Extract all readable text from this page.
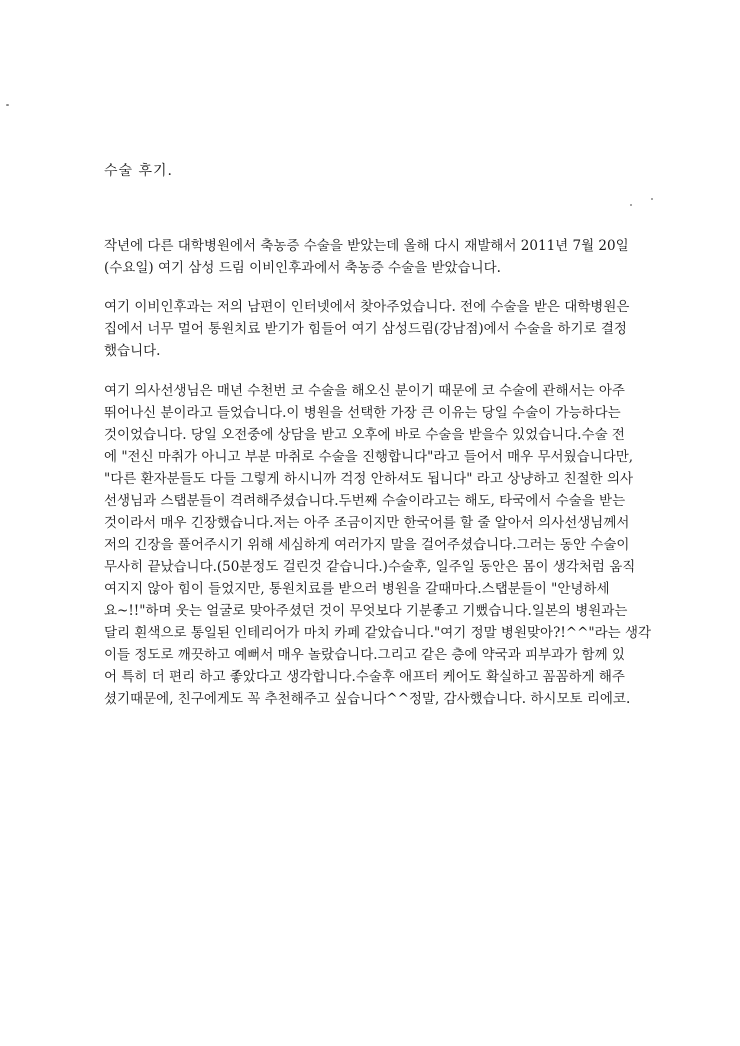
수술 후기.
작년에 다른 대학병원에서 축농증 수술을 받았는데 올해 다시 재발해서 2011년 7월 20일
(수요일) 여기 삼성 드림 이비인후과에서 축농증 수술을 받았습니다.
여기 이비인후과는 저의 남편이 인터넷에서 찾아주었습니다. 전에 수술을 받은 대학병원은
집에서 너무 멀어 통원치료 받기가 힘들어 여기 삼성드림(강남점)에서 수술을 하기로 결정
했습니다.
여기 의사선생님은 매년 수천번 코 수술을 해오신 분이기 때문에 코 수술에 관해서는 아주
뛰어나신 분이라고 들었습니다.이 병원을 선택한 가장 큰 이유는 당일 수술이 가능하다는
것이었습니다. 당일 오전중에 상담을 받고 오후에 바로 수술을 받을수 있었습니다.수술 전
에 "전신 마취가 아니고 부분 마취로 수술을 진행합니다"라고 들어서 매우 무서웠습니다만,
"다른 환자분들도 다들 그렇게 하시니까 걱정 안하셔도 됩니다" 라고 상냥하고 친절한 의사
선생님과 스탭분들이 격려해주셨습니다.두번째 수술이라고는 해도, 타국에서 수술을 받는
것이라서 매우 긴장했습니다.저는 아주 조금이지만 한국어를 할 줄 알아서 의사선생님께서
저의 긴장을 풀어주시기 위해 세심하게 여러가지 말을 걸어주셨습니다.그러는 동안 수술이
무사히 끝났습니다.(50분정도 걸린것 같습니다.)수술후, 일주일 동안은 몸이 생각처럼 움직
여지지 않아 힘이 들었지만, 통원치료를 받으러 병원을 갈때마다.스탭분들이 "안녕하세
요~!!"하며 웃는 얼굴로 맞아주셨던 것이 무엇보다 기분좋고 기뻤습니다.일본의 병원과는
달리 흰색으로 통일된 인테리어가 마치 카페 같았습니다."여기 정말 병원맞아?!^^"라는 생각
이들 정도로 깨끗하고 예뻐서 매우 놀랐습니다.그리고 같은 층에 약국과 피부과가 함께 있
어 특히 더 편리 하고 좋았다고 생각합니다.수술후 애프터 케어도 확실하고 꼼꼼하게 해주
셨기때문에, 친구에게도 꼭 추천해주고 싶습니다^^정말, 감사했습니다. 하시모토 리에코.
